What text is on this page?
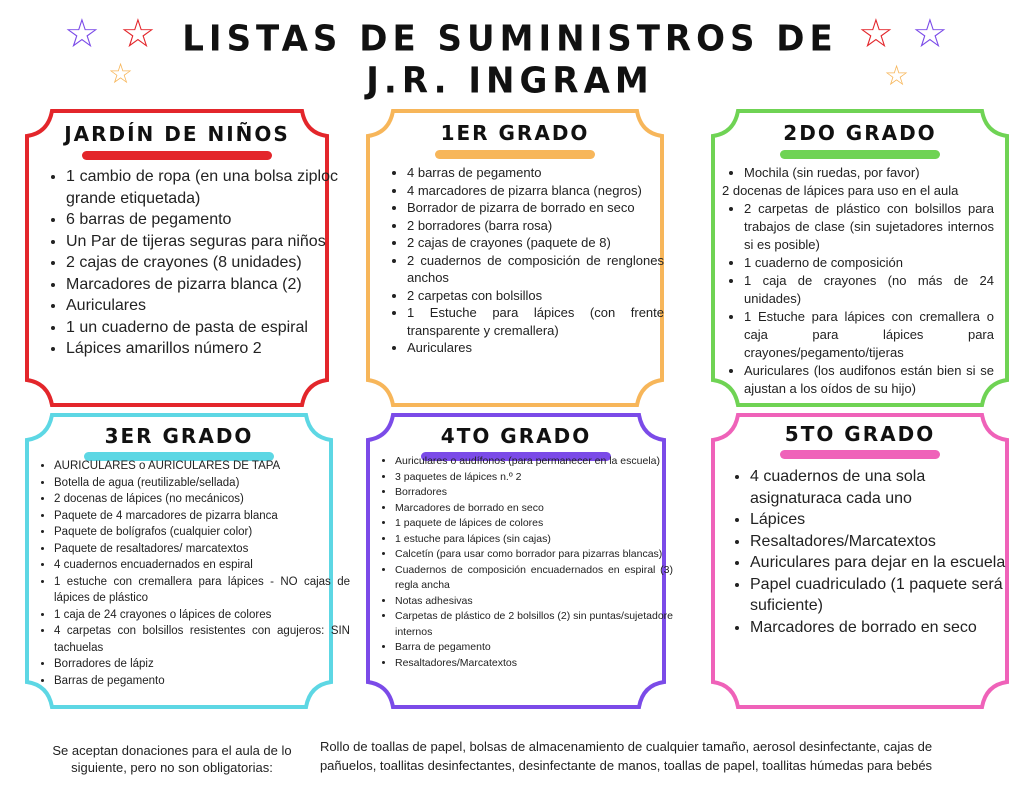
☆ ☆
☆
☆ ☆
☆
LISTAS DE SUMINISTROS DE J.R. INGRAM
JARDÍN DE NIÑOS
• 1 cambio de ropa (en una bolsa ziploc grande etiquetada)
• 6 barras de pegamento
• Un Par de tijeras seguras para niños
• 2 cajas de crayones (8 unidades)
• Marcadores de pizarra blanca (2)
• Auriculares
• 1 un cuaderno de pasta de espiral
• Lápices amarillos número 2
1ER GRADO
• 4 barras de pegamento
• 4 marcadores de pizarra blanca (negros)
• Borrador de pizarra de borrado en seco
• 2 borradores (barra rosa)
• 2 cajas de crayones (paquete de 8)
• 2 cuadernos de composición de renglones anchos
• 2 carpetas con bolsillos
• 1 Estuche para lápices (con frente transparente y cremallera)
• Auriculares
2DO GRADO
• Mochila (sin ruedas, por favor)

2 docenas de lápices para uso en el aula

• 2 carpetas de plástico con bolsillos para trabajos de clase (sin sujetadores internos si es posible)
• 1 cuaderno de composición
• 1 caja de crayones (no más de 24 unidades)
• 1 Estuche para lápices con cremallera o caja para lápices para crayones/pegamento/tijeras
• Auriculares (los audifonos están bien si se ajustan a los oídos de su hijo)
3ER GRADO
• AURICULARES o AURICULARES DE TAPA
• Botella de agua (reutilizable/sellada)
• 2 docenas de lápices (no mecánicos)
• Paquete de 4 marcadores de pizarra blanca
• Paquete de bolígrafos (cualquier color)
• Paquete de resaltadores/ marcatextos
• 4 cuadernos encuadernados en espiral
• 1 estuche con cremallera para lápices - NO cajas de lápices de plástico
• 1 caja de 24 crayones o lápices de colores
• 4 carpetas con bolsillos resistentes con agujeros: SIN tachuelas
• Borradores de lápiz
• Barras de pegamento
4TO GRADO
• Auriculares o audífonos (para permanecer en la escuela)
• 3 paquetes de lápices n.º 2
• Borradores
• Marcadores de borrado en seco
• 1 paquete de lápices de colores
• 1 estuche para lápices (sin cajas)
• Calcetín (para usar como borrador para pizarras blancas)
• Cuadernos de composición encuadernados en espiral (3) regla ancha
• Notas adhesivas
• Carpetas de plástico de 2 bolsillos (2) sin puntas/sujetadore internos
• Barra de pegamento
• Resaltadores/Marcatextos
5TO GRADO
• 4 cuadernos de una sola asignaturaca cada uno
• Lápices
• Resaltadores/Marcatextos
• Auriculares para dejar en la escuela
• Papel cuadriculado (1 paquete será suficiente)
• Marcadores de borrado en seco
Se aceptan donaciones para el aula de lo siguiente, pero no son obligatorias:
Rollo de toallas de papel, bolsas de almacenamiento de cualquier tamaño, aerosol desinfectante, cajas de pañuelos, toallitas desinfectantes, desinfectante de manos, toallas de papel, toallitas húmedas para bebés
